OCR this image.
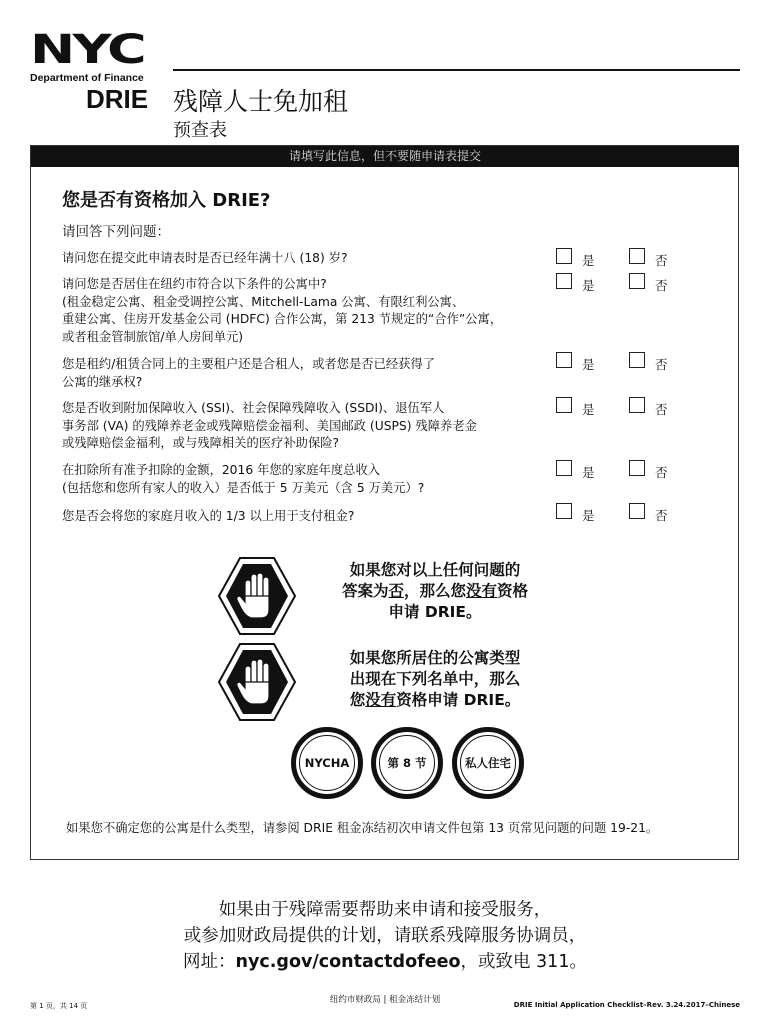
NYC
Department of Finance
DRIE 残障人士免加租
预查表
请填写此信息，但不要随申请表提交
您是否有资格加入 DRIE?
请回答下列问题：
请问您在提交此申请表时是否已经年满十八 (18) 岁?	是	否
请问您是否居住在纽约市符合以下条件的公寓中?
(租金稳定公寓、租金受调控公寓、Mitchell-Lama 公寓、有限红利公寓、
重建公寓、住房开发基金公司 (HDFC) 合作公寓，第 213 节规定的“合作”公寓，
或者租金管制旅馆/单人房间单元)
是	否
您是租约/租赁合同上的主要租户还是合租人，或者您是否已经获得了
公寓的继承权?
是	否
您是否收到附加保障收入 (SSI)、社会保障残障收入 (SSDI)、退伍军人
事务部 (VA) 的残障养老金或残障赔偿金福利、美国邮政 (USPS) 残障养老金
或残障赔偿金福利，或与残障相关的医疗补助保险?
是	否
在扣除所有准予扣除的金额，2016 年您的家庭年度总收入
(包括您和您所有家人的收入）是否低于 5 万美元（含 5 万美元）?
是	否
您是否会将您的家庭月收入的 1/3 以上用于支付租金?	是	否
如果您对以上任何问题的
答案为否，那么您没有资格
申请 DRIE。
如果您所居住的公寓类型
出现在下列名单中，那么
您没有资格申请 DRIE。
NYCHA	第 8 节	私人住宅
如果您不确定您的公寓是什么类型，请参阅 DRIE 租金冻结初次申请文件包第 13 页常见问题的问题 19-21。
如果由于残障需要帮助来申请和接受服务，
或参加财政局提供的计划，请联系残障服务协调员，
网址：nyc.gov/contactdofeeo，或致电 311。
第 1 页，共 14 页
纽约市财政局 | 租金冻结计划	DRIE Initial Application Checklist–Rev. 3.24.2017–Chinese
